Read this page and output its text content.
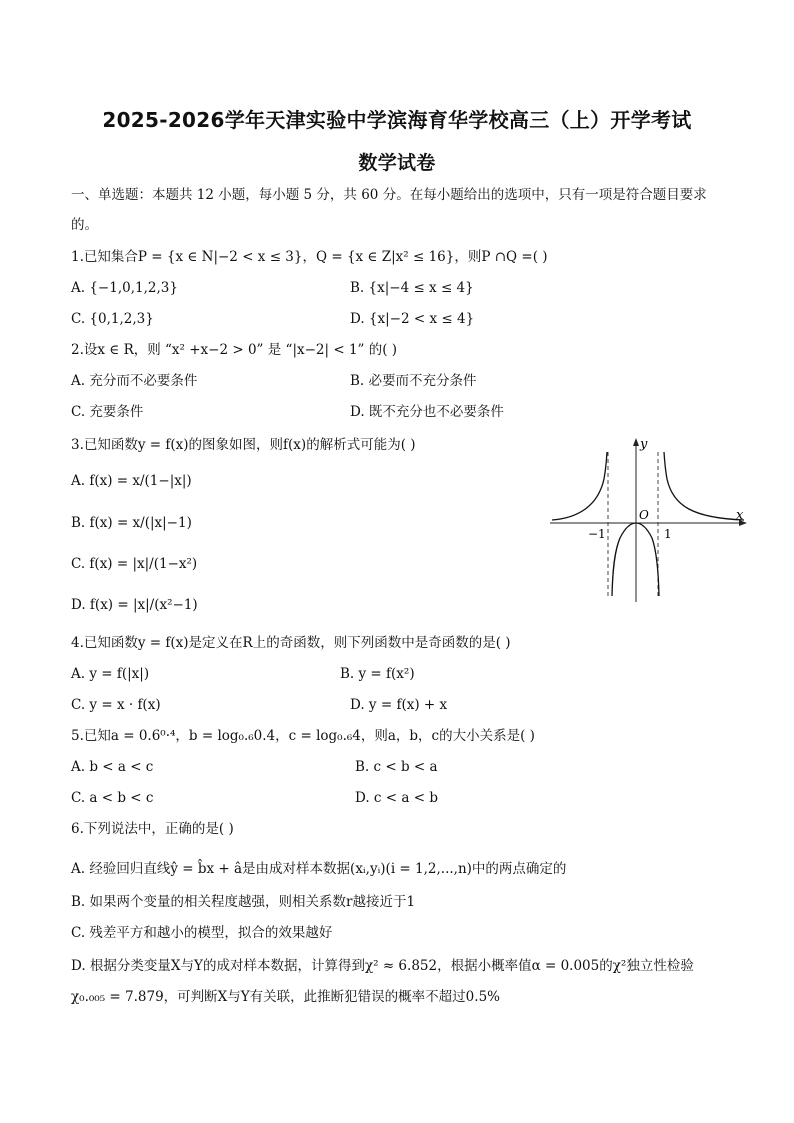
2025-2026学年天津实验中学滨海育华学校高三（上）开学考试
数学试卷
一、单选题：本题共 12 小题，每小题 5 分，共 60 分。在每小题给出的选项中，只有一项是符合题目要求
的。
1.已知集合P = {x ∈ N|−2 < x ≤ 3}，Q = {x ∈ Z|x² ≤ 16}，则P ∩Q =( )
A. {−1,0,1,2,3}	B. {x|−4 ≤ x ≤ 4}
C. {0,1,2,3}	D. {x|−2 < x ≤ 4}
2.设x ∈ R，则 “x² +x−2 > 0” 是 “|x−2| < 1” 的( )
A. 充分而不必要条件	B. 必要而不充分条件
C. 充要条件	D. 既不充分也不必要条件
3.已知函数y = f(x)的图象如图，则f(x)的解析式可能为( )
A. f(x) = x/(1−|x|)
B. f(x) = x/(|x|−1)
C. f(x) = |x|/(1−x²)
D. f(x) = |x|/(x²−1)
y
x
O
−1	1
4.已知函数y = f(x)是定义在R上的奇函数，则下列函数中是奇函数的是( )
A. y = f(|x|)	B. y = f(x²)
C. y = x · f(x)	D. y = f(x) + x
5.已知a = 0.6⁰·⁴，b = log₀.₆0.4，c = log₀.₆4，则a，b，c的大小关系是( )
A. b < a < c	B. c < b < a
C. a < b < c	D. c < a < b
6.下列说法中，正确的是( )
A. 经验回归直线ŷ = b̂x + â是由成对样本数据(xᵢ,yᵢ)(i = 1,2,...,n)中的两点确定的
B. 如果两个变量的相关程度越强，则相关系数r越接近于1
C. 残差平方和越小的模型，拟合的效果越好
D. 根据分类变量X与Y的成对样本数据，计算得到χ² ≈ 6.852，根据小概率值α = 0.005的χ²独立性检验
χ₀.₀₀₅ = 7.879，可判断X与Y有关联，此推断犯错误的概率不超过0.5%
